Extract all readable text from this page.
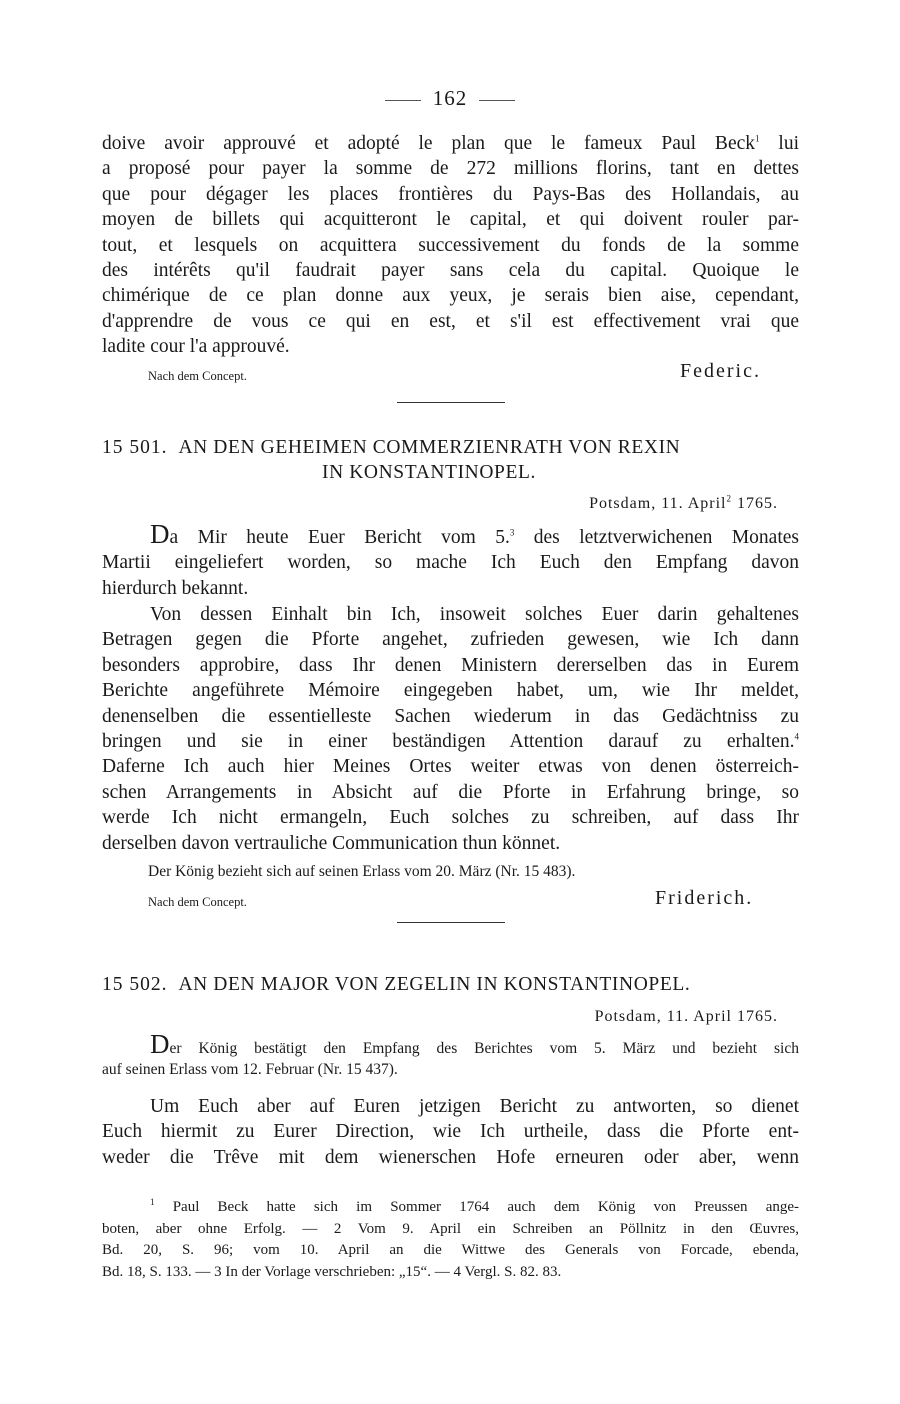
162
doive avoir approuvé et adopté le plan que le fameux Paul Beck$^1$ lui
a proposé pour payer la somme de 272 millions florins, tant en dettes
que pour dégager les places frontières du Pays-Bas des Hollandais, au
moyen de billets qui acquitteront le capital, et qui doivent rouler par-
tout, et lesquels on acquittera successivement du fonds de la somme
des intérêts qu'il faudrait payer sans cela du capital. Quoique le
chimérique de ce plan donne aux yeux, je serais bien aise, cependant,
d'apprendre de vous ce qui en est, et s'il est effectivement vrai que
ladite cour l'a approuvé.
Nach dem Concept.	Federic.
15 501. AN DEN GEHEIMEN COMMERZIENRATH VON REXIN
IN KONSTANTINOPEL.
Potsdam, 11. April$^2$ 1765.
Da Mir heute Euer Bericht vom 5.$^3$ des letztverwichenen Monates
Martii eingeliefert worden, so mache Ich Euch den Empfang davon
hierdurch bekannt.
Von dessen Einhalt bin Ich, insoweit solches Euer darin gehaltenes
Betragen gegen die Pforte angehet, zufrieden gewesen, wie Ich dann
besonders approbire, dass Ihr denen Ministern dererselben das in Eurem
Berichte angeführete Mémoire eingegeben habet, um, wie Ihr meldet,
denenselben die essentielleste Sachen wiederum in das Gedächtniss zu
bringen und sie in einer beständigen Attention darauf zu erhalten.$^4$
Daferne Ich auch hier Meines Ortes weiter etwas von denen österreich-
schen Arrangements in Absicht auf die Pforte in Erfahrung bringe, so
werde Ich nicht ermangeln, Euch solches zu schreiben, auf dass Ihr
derselben davon vertrauliche Communication thun könnet.
Der König bezieht sich auf seinen Erlass vom 20. März (Nr. 15 483).
Nach dem Concept.	Friderich.
15 502. AN DEN MAJOR VON ZEGELIN IN KONSTANTINOPEL.
Potsdam, 11. April 1765.
Der König bestätigt den Empfang des Berichtes vom 5. März und bezieht sich
auf seinen Erlass vom 12. Februar (Nr. 15 437).
Um Euch aber auf Euren jetzigen Bericht zu antworten, so dienet
Euch hiermit zu Eurer Direction, wie Ich urtheile, dass die Pforte ent-
weder die Trêve mit dem wienerschen Hofe erneuren oder aber, wenn
$^1$ Paul Beck hatte sich im Sommer 1764 auch dem König von Preussen ange-
boten, aber ohne Erfolg. — 2 Vom 9. April ein Schreiben an Pöllnitz in den Œuvres,
Bd. 20, S. 96; vom 10. April an die Wittwe des Generals von Forcade, ebenda,
Bd. 18, S. 133. — 3 In der Vorlage verschrieben: „15“. — 4 Vergl. S. 82. 83.
